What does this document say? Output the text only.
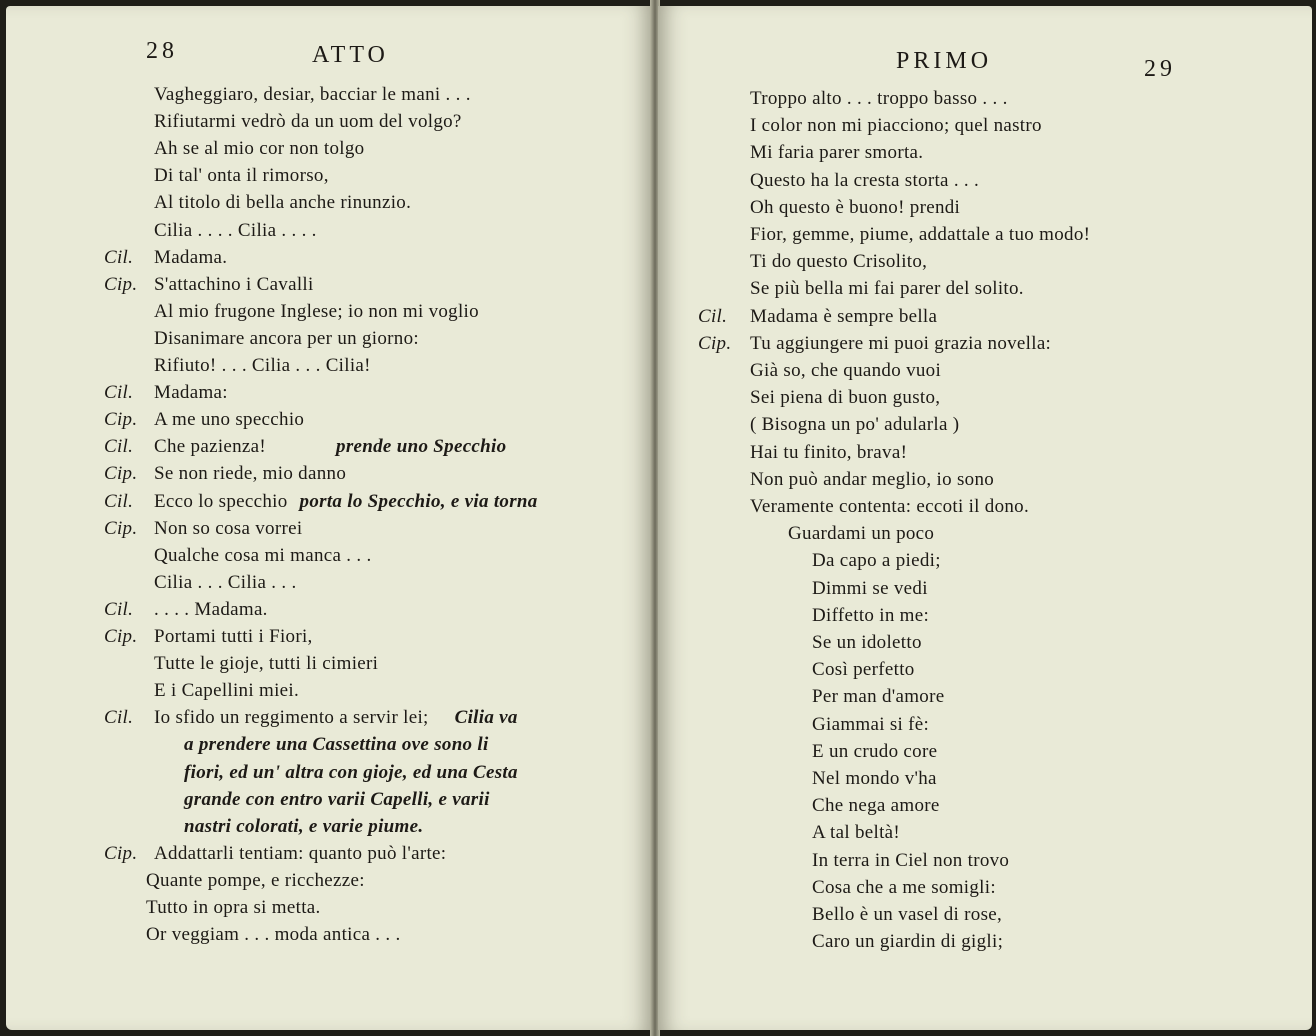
28	ATTO
Vagheggiaro, desiar, bacciar le mani . . .
Rifiutarmi vedrò da un uom del volgo?
Ah se al mio cor non tolgo
Di tal' onta il rimorso,
Al titolo di bella anche rinunzio.
Cilia . . . . Cilia . . . .
Cil. Madama.
Cip. S'attachino i Cavalli
Al mio frugone Inglese; io non mi voglio
Disanimare ancora per un giorno:
Rifiuto! . . . Cilia . . . Cilia!
Cil. Madama:
Cip. A me uno specchio
Cil. Che pazienza!	prende uno Specchio
Cip. Se non riede, mio danno
Cil. Ecco lo specchio porta lo Specchio, e via torna
Cip. Non so cosa vorrei
Qualche cosa mi manca . . .
Cilia . . . Cilia . . .
Cil. . . . . Madama.
Cip. Portami tutti i Fiori,
Tutte le gioje, tutti li cimieri
E i Capellini miei.
Cil. Io sfido un reggimento a servir lei; Cilia va
a prendere una Cassettina ove sono li
fiori, ed un' altra con gioje, ed una Cesta
grande con entro varii Capelli, e varii
nastri colorati, e varie piume.
Cip. Addattarli tentiam: quanto può l'arte:
Quante pompe, e ricchezze:
Tutto in opra si metta.
Or veggiam . . . moda antica . . .
PRIMO	29
Troppo alto . . . troppo basso . . .
I color non mi piacciono; quel nastro
Mi faria parer smorta.
Questo ha la cresta storta . . .
Oh questo è buono! prendi
Fior, gemme, piume, addattale a tuo modo!
Ti do questo Crisolito,
Se più bella mi fai parer del solito.
Cil. Madama è sempre bella
Cip. Tu aggiungere mi puoi grazia novella:
Già so, che quando vuoi
Sei piena di buon gusto,
( Bisogna un po' adularla )
Hai tu finito, brava!
Non può andar meglio, io sono
Veramente contenta: eccoti il dono.
Guardami un poco
Da capo a piedi;
Dimmi se vedi
Diffetto in me:
Se un idoletto
Così perfetto
Per man d'amore
Giammai si fè:
E un crudo core
Nel mondo v'ha
Che nega amore
A tal beltà!
In terra in Ciel non trovo
Cosa che a me somigli:
Bello è un vasel di rose,
Caro un giardin di gigli;
